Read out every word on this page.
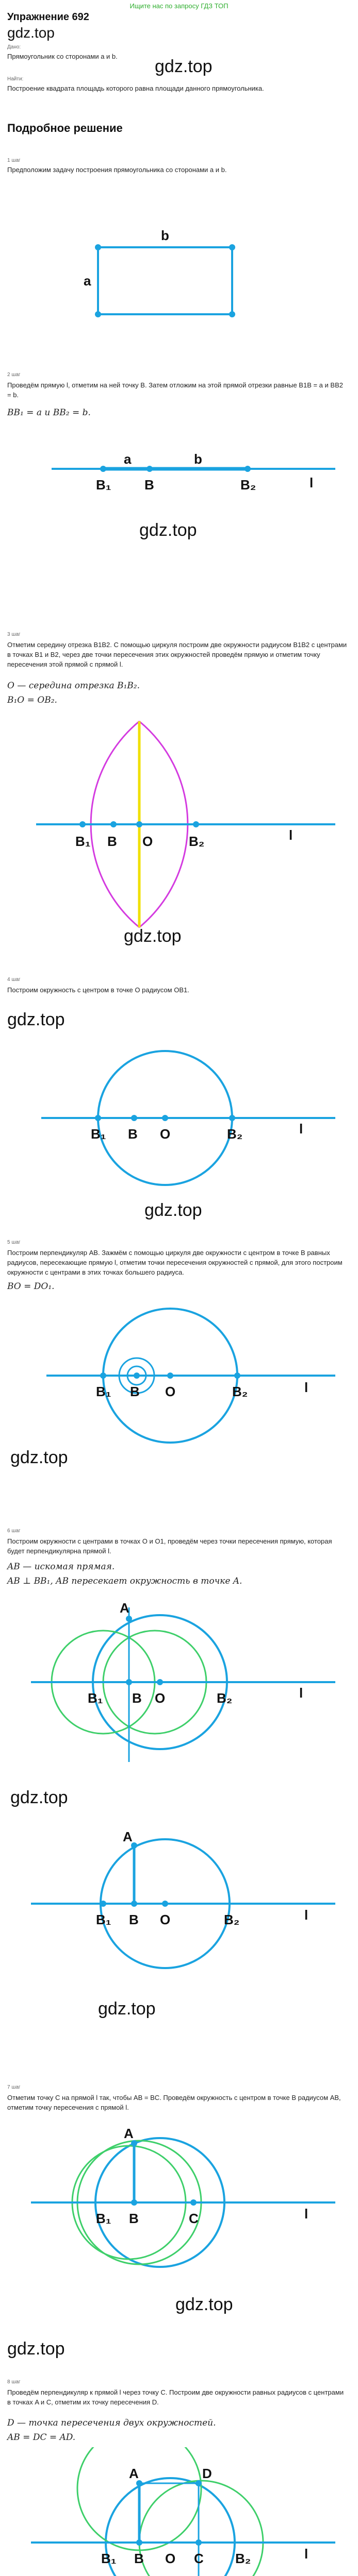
Ищите нас по запросу ГДЗ ТОП
Упражнение 692
gdz.top
gdz.top
Дано:
Прямоугольник со сторонами a и b.
Найти:
Построение квадрата площадь которого равна площади данного прямоугольника.
Подробное решение
1 шаг
Предположим задачу построения прямоугольника со сторонами a и b.
b
a
2 шаг
Проведём прямую l, отметим на ней точку B. Затем отложим на этой прямой отрезки равные B1B = a и BB2 = b.
BB₁ = a и BB₂ = b.
B₁
a
B
b
B₂	l
gdz.top
3 шаг
Отметим середину отрезка B1B2. С помощью циркуля построим две окружности радиусом B1B2 с центрами в точках B1 и B2, через две точки пересечения этих окружностей проведём прямую и отметим точку пересечения этой прямой с прямой l.
O — середина отрезка B₁B₂.
B₁O = OB₂.
B₁ B O	B₂	l
gdz.top
4 шаг
Построим окружность с центром в точке O радиусом OB1.
gdz.top
B₁ B O	B₂	l
gdz.top
5 шаг
Построим перпендикуляр AB. Зажмём с помощью циркуля две окружности с центром в точке B равных радиусов, пересекающие прямую l, отметим точки пересечения окружностей с прямой, для этого построим окружности с центрами в этих точках большего радиуса.
BO = DO₁.
B₁ B O	B₂	l
gdz.top
6 шаг
Построим окружности с центрами в точках O и O1, проведём через точки пересечения прямую, которая будет перпендикулярна прямой l.
AB — искомая прямая.
AB ⊥ BB₁, AB пересекает окружность в точке A.
A
B₁ B O	B₂	l
gdz.top
A
B₁ B O	B₂	l
gdz.top
7 шаг
Отметим точку C на прямой l так, чтобы AB = BC. Проведём окружность с центром в точке B радиусом AB, отметим точку пересечения с прямой l.
A
B₁ B	C	l
gdz.top
gdz.top
8 шаг
Проведём перпендикуляр к прямой l через точку C. Построим две окружности равных радиусов с центрами в точках A и C, отметим их точку пересечения D.
D — точка пересечения двух окружностей.
AB = DC = AD.
A	D
B₁ B O C B₂	l
